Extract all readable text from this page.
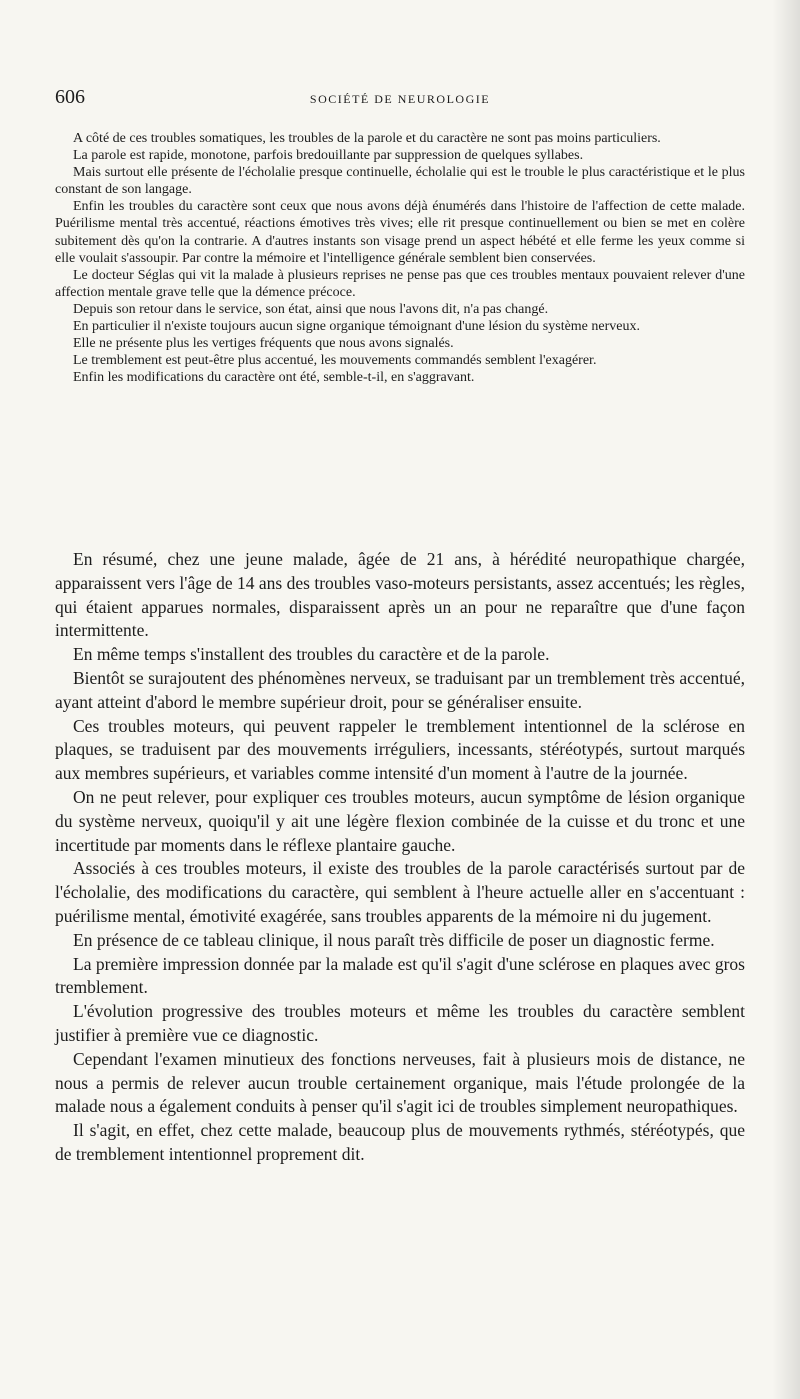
606	SOCIÉTÉ DE NEUROLOGIE

A côté de ces troubles somatiques, les troubles de la parole et du caractère ne sont pas moins particuliers.

La parole est rapide, monotone, parfois bredouillante par suppression de quelques syllabes.

Mais surtout elle présente de l'écholalie presque continuelle, écholalie qui est le trouble le plus caractéristique et le plus constant de son langage.

Enfin les troubles du caractère sont ceux que nous avons déjà énumérés dans l'histoire de l'affection de cette malade. Puérilisme mental très accentué, réactions émotives très vives; elle rit presque continuellement ou bien se met en colère subitement dès qu'on la contrarie. A d'autres instants son visage prend un aspect hébété et elle ferme les yeux comme si elle voulait s'assoupir. Par contre la mémoire et l'intelligence générale semblent bien conservées.

Le docteur Séglas qui vit la malade à plusieurs reprises ne pense pas que ces troubles mentaux pouvaient relever d'une affection mentale grave telle que la démence précoce.

Depuis son retour dans le service, son état, ainsi que nous l'avons dit, n'a pas changé.

En particulier il n'existe toujours aucun signe organique témoignant d'une lésion du système nerveux.

Elle ne présente plus les vertiges fréquents que nous avons signalés.

Le tremblement est peut-être plus accentué, les mouvements commandés semblent l'exagérer.

Enfin les modifications du caractère ont été, semble-t-il, en s'aggravant.

En résumé, chez une jeune malade, âgée de 21 ans, à hérédité neuropathique chargée, apparaissent vers l'âge de 14 ans des troubles vaso-moteurs persistants, assez accentués; les règles, qui étaient apparues normales, disparaissent après un an pour ne reparaître que d'une façon intermittente.

En même temps s'installent des troubles du caractère et de la parole.

Bientôt se surajoutent des phénomènes nerveux, se traduisant par un tremblement très accentué, ayant atteint d'abord le membre supérieur droit, pour se généraliser ensuite.

Ces troubles moteurs, qui peuvent rappeler le tremblement intentionnel de la sclérose en plaques, se traduisent par des mouvements irréguliers, incessants, stéréotypés, surtout marqués aux membres supérieurs, et variables comme intensité d'un moment à l'autre de la journée.

On ne peut relever, pour expliquer ces troubles moteurs, aucun symptôme de lésion organique du système nerveux, quoiqu'il y ait une légère flexion combinée de la cuisse et du tronc et une incertitude par moments dans le réflexe plantaire gauche.

Associés à ces troubles moteurs, il existe des troubles de la parole caractérisés surtout par de l'écholalie, des modifications du caractère, qui semblent à l'heure actuelle aller en s'accentuant : puérilisme mental, émotivité exagérée, sans troubles apparents de la mémoire ni du jugement.

En présence de ce tableau clinique, il nous paraît très difficile de poser un diagnostic ferme.

La première impression donnée par la malade est qu'il s'agit d'une sclérose en plaques avec gros tremblement.

L'évolution progressive des troubles moteurs et même les troubles du caractère semblent justifier à première vue ce diagnostic.

Cependant l'examen minutieux des fonctions nerveuses, fait à plusieurs mois de distance, ne nous a permis de relever aucun trouble certainement organique, mais l'étude prolongée de la malade nous a également conduits à penser qu'il s'agit ici de troubles simplement neuropathiques.

Il s'agit, en effet, chez cette malade, beaucoup plus de mouvements rythmés, stéréotypés, que de tremblement intentionnel proprement dit.
